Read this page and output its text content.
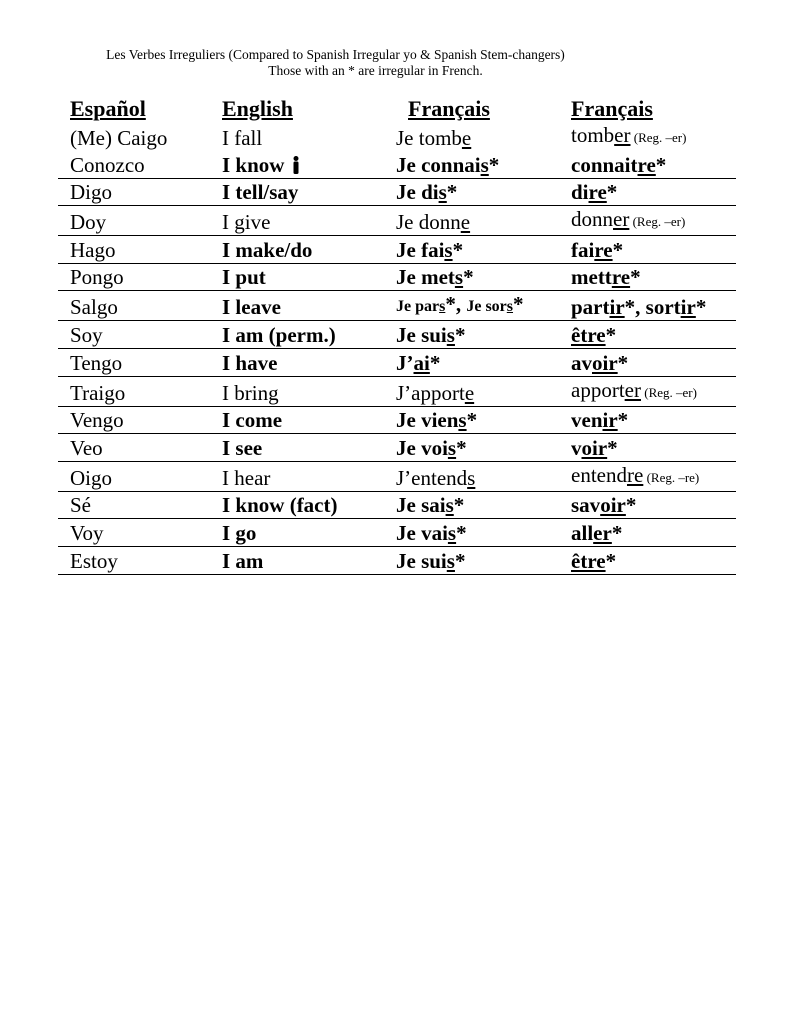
Les Verbes Irreguliers (Compared to Spanish Irregular yo & Spanish Stem-changers)
Those with an * are irregular in French.
Español	English	Français	Français
(Me) Caigo	I fall	Je tombe	tomber (Reg. –er)
Conozco	I know	Je connais*	connaitre*
Digo	I tell/say	Je dis*	dire*
Doy	I give	Je donne	donner (Reg. –er)
Hago	I make/do	Je fais*	faire*
Pongo	I put	Je mets*	mettre*
Salgo	I leave	Je pars*, Je sors*	partir*, sortir*
Soy	I am (perm.)	Je suis*	être*
Tengo	I have	J’ai*	avoir*
Traigo	I bring	J’apporte	apporter (Reg. –er)
Vengo	I come	Je viens*	venir*
Veo	I see	Je vois*	voir*
Oigo	I hear	J’entends	entendre (Reg. –re)
Sé	I know (fact)	Je sais*	savoir*
Voy	I go	Je vais*	aller*
Estoy	I am	Je suis*	être*
